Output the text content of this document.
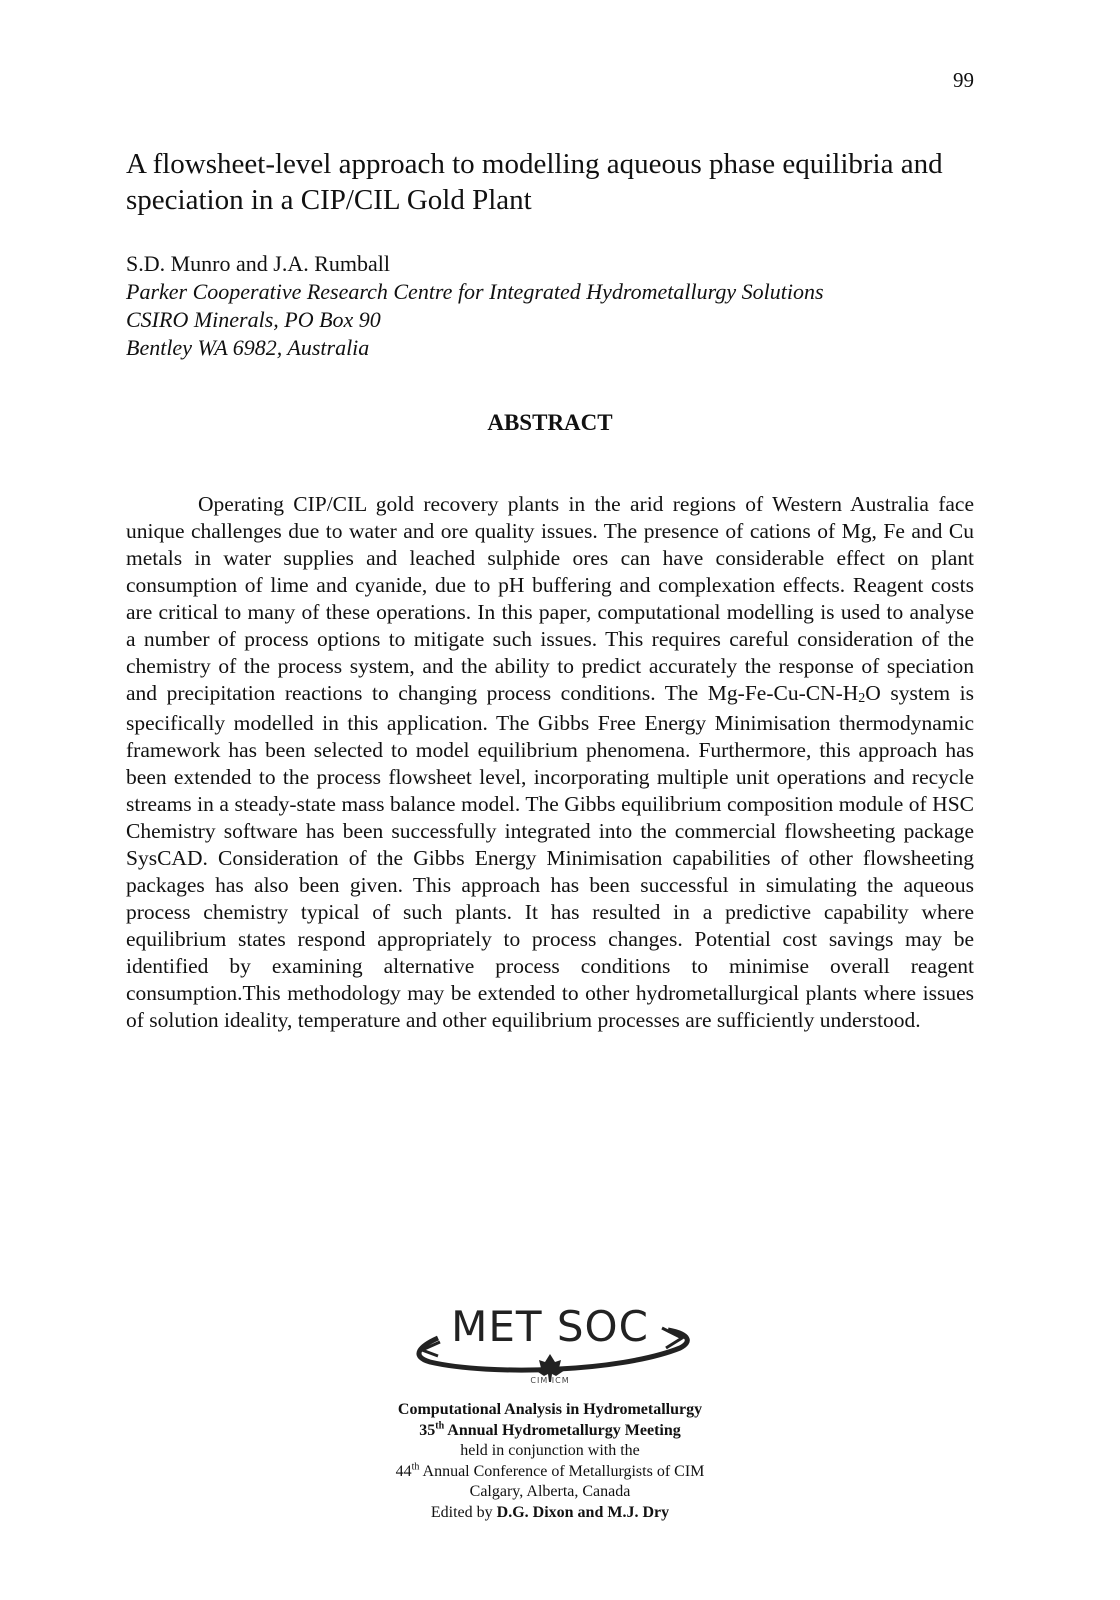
99
A flowsheet-level approach to modelling aqueous phase equilibria and speciation in a CIP/CIL Gold Plant
S.D. Munro and J.A. Rumball
Parker Cooperative Research Centre for Integrated Hydrometallurgy Solutions
CSIRO Minerals, PO Box 90
Bentley WA 6982, Australia
ABSTRACT

Operating CIP/CIL gold recovery plants in the arid regions of Western Australia face unique challenges due to water and ore quality issues. The presence of cations of Mg, Fe and Cu metals in water supplies and leached sulphide ores can have considerable effect on plant consumption of lime and cyanide, due to pH buffering and complexation effects. Reagent costs are critical to many of these operations. In this paper, computational modelling is used to analyse a number of process options to mitigate such issues. This requires careful consideration of the chemistry of the process system, and the ability to predict accurately the response of speciation and precipitation reactions to changing process conditions. The $Mg-Fe-Cu-CN-H_2O$ system is specifically modelled in this application. The Gibbs Free Energy Minimisation thermodynamic framework has been selected to model equilibrium phenomena. Furthermore, this approach has been extended to the process flowsheet level, incorporating multiple unit operations and recycle streams in a steady-state mass balance model. The Gibbs equilibrium composition module of HSC Chemistry software has been successfully integrated into the commercial flowsheeting package SysCAD. Consideration of the Gibbs Energy Minimisation capabilities of other flowsheeting packages has also been given. This approach has been successful in simulating the aqueous process chemistry typical of such plants. It has resulted in a predictive capability where equilibrium states respond appropriately to process changes. Potential cost savings may be identified by examining alternative process conditions to minimise overall reagent consumption.This methodology may be extended to other hydrometallurgical plants where issues of solution ideality, temperature and other equilibrium processes are sufficiently understood.

MET SOC
CIM ICM
Computational Analysis in Hydrometallurgy
35th Annual Hydrometallurgy Meeting
held in conjunction with the
44th Annual Conference of Metallurgists of CIM
Calgary, Alberta, Canada
Edited by D.G. Dixon and M.J. Dry
